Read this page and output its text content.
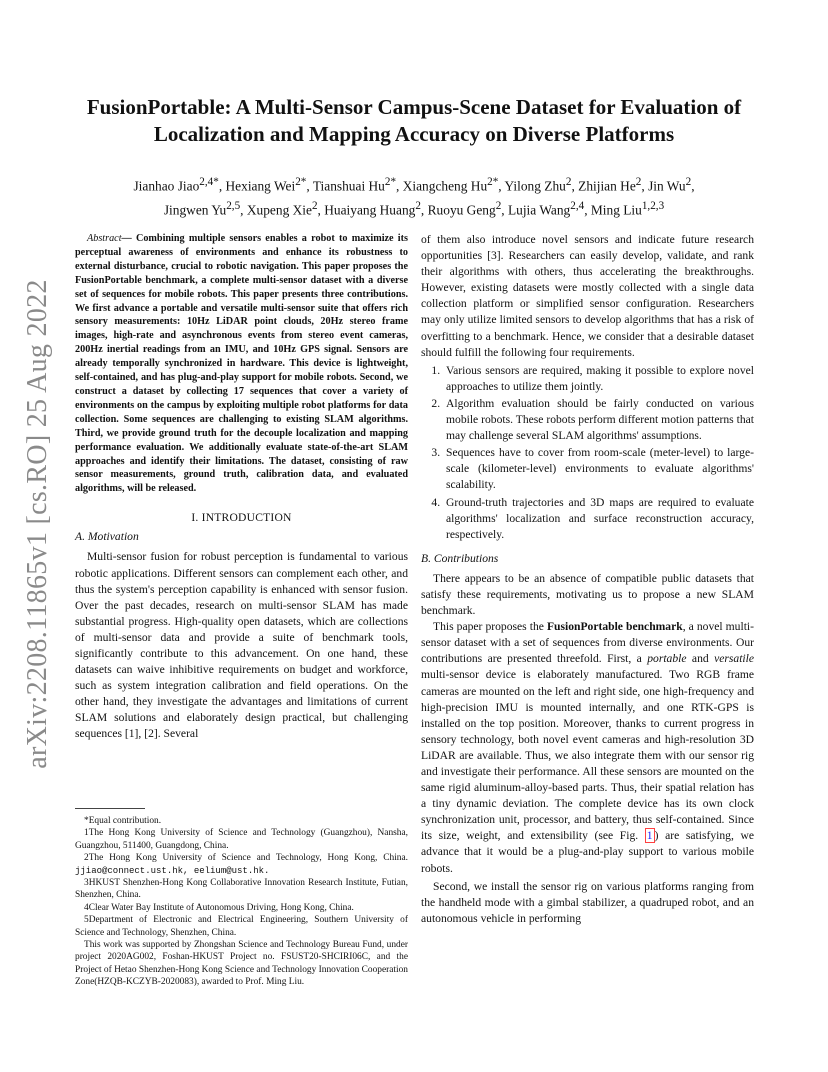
arXiv:2208.11865v1 [cs.RO] 25 Aug 2022
FusionPortable: A Multi-Sensor Campus-Scene Dataset for Evaluation of Localization and Mapping Accuracy on Diverse Platforms
Jianhao Jiao$^{2,4*}$, Hexiang Wei$^{2*}$, Tianshuai $Hu^{2*}$, Xiangcheng $Hu^{2*}$, Yilong Zhu$^2$, Zhijian He$^2$, Jin Wu$^2$,
Jingwen Yu$^{2,5}$, Xupeng Xie$^2$, Huaiyang Huang$^2$, Ruoyu Geng$^2$, Lujia Wang$^{2,4}$, Ming Liu$^{1,2,3}$

Abstract— Combining multiple sensors enables a robot to maximize its perceptual awareness of environments and enhance its robustness to external disturbance, crucial to robotic navigation. This paper proposes the FusionPortable benchmark, a complete multi-sensor dataset with a diverse set of sequences for mobile robots. This paper presents three contributions. We first advance a portable and versatile multi-sensor suite that offers rich sensory measurements: 10Hz LiDAR point clouds, 20Hz stereo frame images, high-rate and asynchronous events from stereo event cameras, 200Hz inertial readings from an IMU, and 10Hz GPS signal. Sensors are already temporally synchronized in hardware. This device is lightweight, self-contained, and has plug-and-play support for mobile robots. Second, we construct a dataset by collecting 17 sequences that cover a variety of environments on the campus by exploiting multiple robot platforms for data collection. Some sequences are challenging to existing SLAM algorithms. Third, we provide ground truth for the decouple localization and mapping performance evaluation. We additionally evaluate state-of-the-art SLAM approaches and identify their limitations. The dataset, consisting of raw sensor measurements, ground truth, calibration data, and evaluated algorithms, will be released.

I. INTRODUCTION
A. Motivation

Multi-sensor fusion for robust perception is fundamental to various robotic applications. Different sensors can complement each other, and thus the system's perception capability is enhanced with sensor fusion. Over the past decades, research on multi-sensor SLAM has made substantial progress. High-quality open datasets, which are collections of multi-sensor data and provide a suite of benchmark tools, significantly contribute to this advancement. On one hand, these datasets can waive inhibitive requirements on budget and workforce, such as system integration calibration and field operations. On the other hand, they investigate the advantages and limitations of current SLAM solutions and elaborately design practical, but challenging sequences [1], [2]. Several

*Equal contribution.

1The Hong Kong University of Science and Technology (Guangzhou), Nansha, Guangzhou, 511400, Guangdong, China.

2The Hong Kong University of Science and Technology, Hong Kong, China. jjiao@connect.ust.hk, eelium@ust.hk.

3HKUST Shenzhen-Hong Kong Collaborative Innovation Research Institute, Futian, Shenzhen, China.

4Clear Water Bay Institute of Autonomous Driving, Hong Kong, China.

5Department of Electronic and Electrical Engineering, Southern University of Science and Technology, Shenzhen, China.

This work was supported by Zhongshan Science and Technology Bureau Fund, under project 2020AG002, Foshan-HKUST Project no. FSUST20-SHCIRI06C, and the Project of Hetao Shenzhen-Hong Kong Science and Technology Innovation Cooperation Zone(HZQB-KCZYB-2020083), awarded to Prof. Ming Liu.

of them also introduce novel sensors and indicate future research opportunities [3]. Researchers can easily develop, validate, and rank their algorithms with others, thus accelerating the breakthroughs. However, existing datasets were mostly collected with a single data collection platform or simplified sensor configuration. Researchers may only utilize limited sensors to develop algorithms that has a risk of overfitting to a benchmark. Hence, we consider that a desirable dataset should fulfill the following four requirements.

1. Various sensors are required, making it possible to explore novel approaches to utilize them jointly.
2. Algorithm evaluation should be fairly conducted on various mobile robots. These robots perform different motion patterns that may challenge several SLAM algorithms' assumptions.
3. Sequences have to cover from room-scale (meter-level) to large-scale (kilometer-level) environments to evaluate algorithms' scalability.
4. Ground-truth trajectories and 3D maps are required to evaluate algorithms' localization and surface reconstruction accuracy, respectively.
B. Contributions

There appears to be an absence of compatible public datasets that satisfy these requirements, motivating us to propose a new SLAM benchmark.

This paper proposes the FusionPortable benchmark, a novel multi-sensor dataset with a set of sequences from diverse environments. Our contributions are presented threefold. First, a portable and versatile multi-sensor device is elaborately manufactured. Two RGB frame cameras are mounted on the left and right side, one high-frequency and high-precision IMU is mounted internally, and one RTK-GPS is installed on the top position. Moreover, thanks to current progress in sensory technology, both novel event cameras and high-resolution 3D LiDAR are available. Thus, we also integrate them with our sensor rig and investigate their performance. All these sensors are mounted on the same rigid aluminum-alloy-based parts. Thus, their spatial relation has a tiny dynamic deviation. The complete device has its own clock synchronization unit, processor, and battery, thus self-contained. Since its size, weight, and extensibility (see Fig. 1 ) are satisfying, we advance that it would be a plug-and-play support to various mobile robots.

Second, we install the sensor rig on various platforms ranging from the handheld mode with a gimbal stabilizer, a quadruped robot, and an autonomous vehicle in performing
